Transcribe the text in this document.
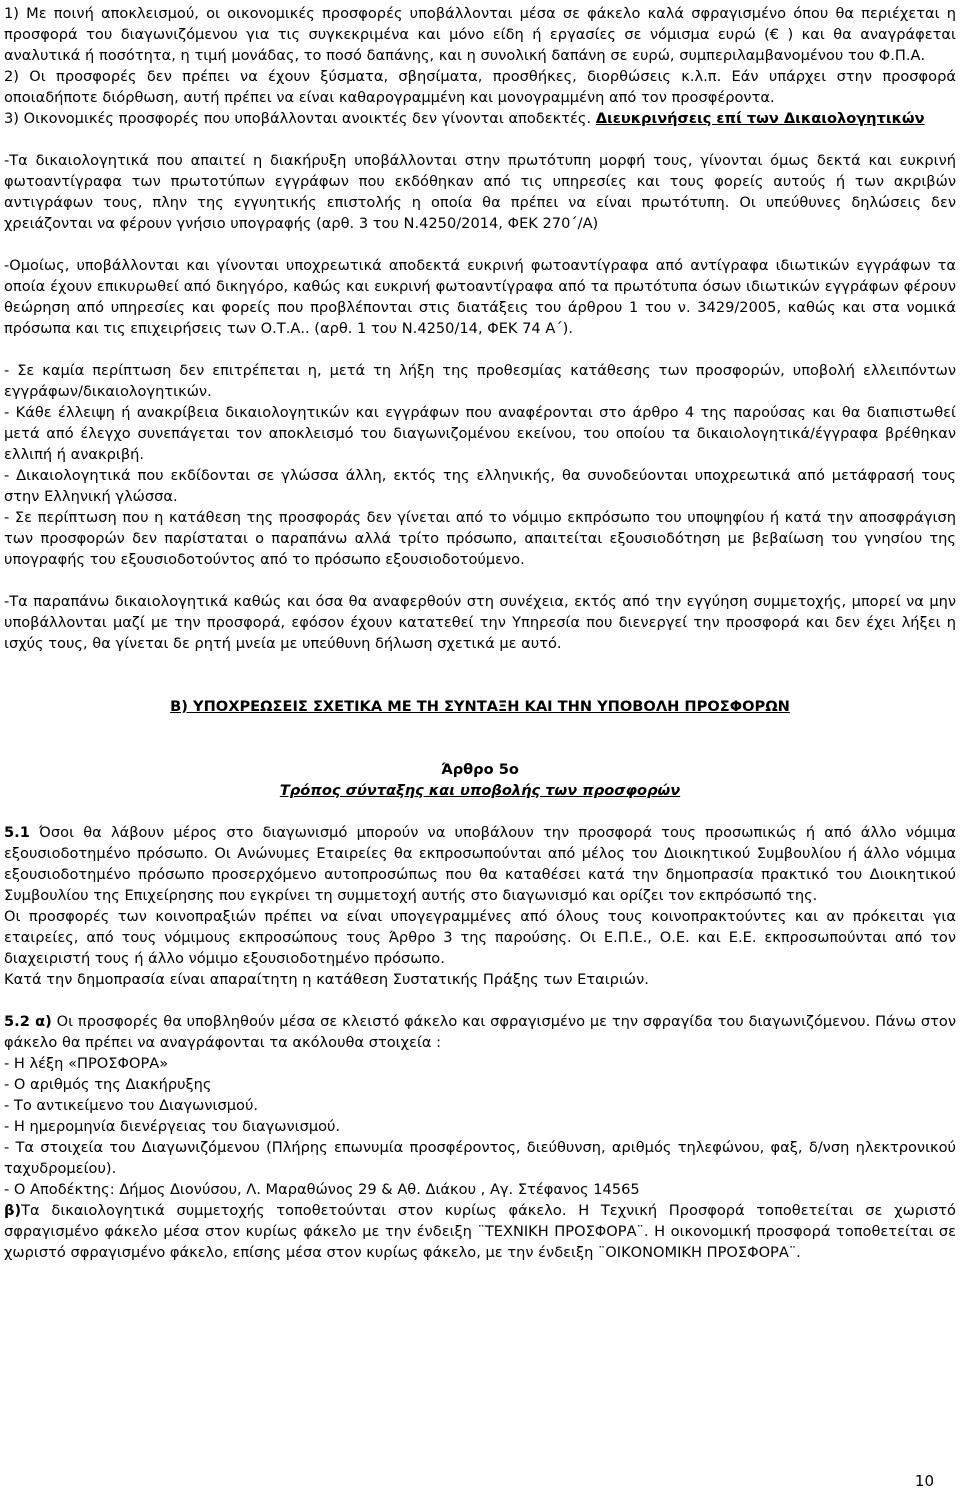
1) Με ποινή αποκλεισμού, οι οικονομικές προσφορές υποβάλλονται μέσα σε φάκελο καλά σφραγισμένο όπου θα περιέχεται η προσφορά του διαγωνιζόμενου για τις συγκεκριμένα και μόνο είδη ή εργασίες σε νόμισμα ευρώ (€ ) και θα αναγράφεται αναλυτικά ή ποσότητα, η τιμή μονάδας, το ποσό δαπάνης, και η συνολική δαπάνη σε ευρώ, συμπεριλαμβανομένου του Φ.Π.Α.

2) Οι προσφορές δεν πρέπει να έχουν ξύσματα, σβησίματα, προσθήκες, διορθώσεις κ.λ.π. Εάν υπάρχει στην προσφορά οποιαδήποτε διόρθωση, αυτή πρέπει να είναι καθαρογραμμένη και μονογραμμένη από τον προσφέροντα.

3) Οικονομικές προσφορές που υποβάλλονται ανοικτές δεν γίνονται αποδεκτές. Διευκρινήσεις επί των Δικαιολογητικών

-Τα δικαιολογητικά που απαιτεί η διακήρυξη υποβάλλονται στην πρωτότυπη μορφή τους, γίνονται όμως δεκτά και ευκρινή φωτοαντίγραφα των πρωτοτύπων εγγράφων που εκδόθηκαν από τις υπηρεσίες και τους φορείς αυτούς ή των ακριβών αντιγράφων τους, πλην της εγγυητικής επιστολής η οποία θα πρέπει να είναι πρωτότυπη. Οι υπεύθυνες δηλώσεις δεν χρειάζονται να φέρουν γνήσιο υπογραφής (αρθ. 3 του Ν.4250/2014, ΦΕΚ 270΄/Α)

-Ομοίως, υποβάλλονται και γίνονται υποχρεωτικά αποδεκτά ευκρινή φωτοαντίγραφα από αντίγραφα ιδιωτικών εγγράφων τα οποία έχουν επικυρωθεί από δικηγόρο, καθώς και ευκρινή φωτοαντίγραφα από τα πρωτότυπα όσων ιδιωτικών εγγράφων φέρουν θεώρηση από υπηρεσίες και φορείς που προβλέπονται στις διατάξεις του άρθρου 1 του ν. 3429/2005, καθώς και στα νομικά πρόσωπα και τις επιχειρήσεις των Ο.Τ.Α.. (αρθ. 1 του Ν.4250/14, ΦΕΚ 74 Α΄).

- Σε καμία περίπτωση δεν επιτρέπεται η, μετά τη λήξη της προθεσμίας κατάθεσης των προσφορών, υποβολή ελλειπόντων εγγράφων/δικαιολογητικών.

- Κάθε έλλειψη ή ανακρίβεια δικαιολογητικών και εγγράφων που αναφέρονται στο άρθρο 4 της παρούσας και θα διαπιστωθεί μετά από έλεγχο συνεπάγεται τον αποκλεισμό του διαγωνιζομένου εκείνου, του οποίου τα δικαιολογητικά/έγγραφα βρέθηκαν ελλιπή ή ανακριβή.

- Δικαιολογητικά που εκδίδονται σε γλώσσα άλλη, εκτός της ελληνικής, θα συνοδεύονται υποχρεωτικά από μετάφρασή τους στην Ελληνική γλώσσα.

- Σε περίπτωση που η κατάθεση της προσφοράς δεν γίνεται από το νόμιμο εκπρόσωπο του υποψηφίου ή κατά την αποσφράγιση των προσφορών δεν παρίσταται ο παραπάνω αλλά τρίτο πρόσωπο, απαιτείται εξουσιοδότηση με βεβαίωση του γνησίου της υπογραφής του εξουσιοδοτούντος από το πρόσωπο εξουσιοδοτούμενο.

-Τα παραπάνω δικαιολογητικά καθώς και όσα θα αναφερθούν στη συνέχεια, εκτός από την εγγύηση συμμετοχής, μπορεί να μην υποβάλλονται μαζί με την προσφορά, εφόσον έχουν κατατεθεί την Υπηρεσία που διενεργεί την προσφορά και δεν έχει λήξει η ισχύς τους, θα γίνεται δε ρητή μνεία με υπεύθυνη δήλωση σχετικά με αυτό.

Β) ΥΠΟΧΡΕΩΣΕΙΣ ΣΧΕΤΙΚΑ ΜΕ ΤΗ ΣΥΝΤΑΞΗ ΚΑΙ ΤΗΝ ΥΠΟΒΟΛΗ ΠΡΟΣΦΟΡΩΝ

Άρθρο 5ο

Τρόπος σύνταξης και υποβολής των προσφορών

5.1 Όσοι θα λάβουν μέρος στο διαγωνισμό μπορούν να υποβάλουν την προσφορά τους προσωπικώς ή από άλλο νόμιμα εξουσιοδοτημένο πρόσωπο. Οι Ανώνυμες Εταιρείες θα εκπροσωπούνται από μέλος του Διοικητικού Συμβουλίου ή άλλο νόμιμα εξουσιοδοτημένο πρόσωπο προσερχόμενο αυτοπροσώπως που θα καταθέσει κατά την δημοπρασία πρακτικό του Διοικητικού Συμβουλίου της Επιχείρησης που εγκρίνει τη συμμετοχή αυτής στο διαγωνισμό και ορίζει τον εκπρόσωπό της.

Οι προσφορές των κοινοπραξιών πρέπει να είναι υπογεγραμμένες από όλους τους κοινοπρακτούντες και αν πρόκειται για εταιρείες, από τους νόμιμους εκπροσώπους τους Άρθρο 3 της παρούσης. Οι Ε.Π.Ε., Ο.Ε. και Ε.Ε. εκπροσωπούνται από τον διαχειριστή τους ή άλλο νόμιμο εξουσιοδοτημένο πρόσωπο.

Κατά την δημοπρασία είναι απαραίτητη η κατάθεση Συστατικής Πράξης των Εταιριών.

5.2 α) Οι προσφορές θα υποβληθούν μέσα σε κλειστό φάκελο και σφραγισμένο με την σφραγίδα του διαγωνιζόμενου. Πάνω στον φάκελο θα πρέπει να αναγράφονται τα ακόλουθα στοιχεία :

- Η λέξη «ΠΡΟΣΦΟΡΑ»

- Ο αριθμός της Διακήρυξης

- Το αντικείμενο του Διαγωνισμού.

- Η ημερομηνία διενέργειας του διαγωνισμού.

- Τα στοιχεία του Διαγωνιζόμενου (Πλήρης επωνυμία προσφέροντος, διεύθυνση, αριθμός τηλεφώνου, φαξ, δ/νση ηλεκτρονικού ταχυδρομείου).

- Ο Αποδέκτης: Δήμος Διονύσου, Λ. Μαραθώνος 29 & Αθ. Διάκου , Αγ. Στέφανος 14565

β)Τα δικαιολογητικά συμμετοχής τοποθετούνται στον κυρίως φάκελο. Η Τεχνική Προσφορά τοποθετείται σε χωριστό σφραγισμένο φάκελο μέσα στον κυρίως φάκελο με την ένδειξη ¨ΤΕΧΝΙΚΗ ΠΡΟΣΦΟΡΑ¨. Η οικονομική προσφορά τοποθετείται σε χωριστό σφραγισμένο φάκελο, επίσης μέσα στον κυρίως φάκελο, με την ένδειξη ¨ΟΙΚΟΝΟΜΙΚΗ ΠΡΟΣΦΟΡΑ¨.

10
